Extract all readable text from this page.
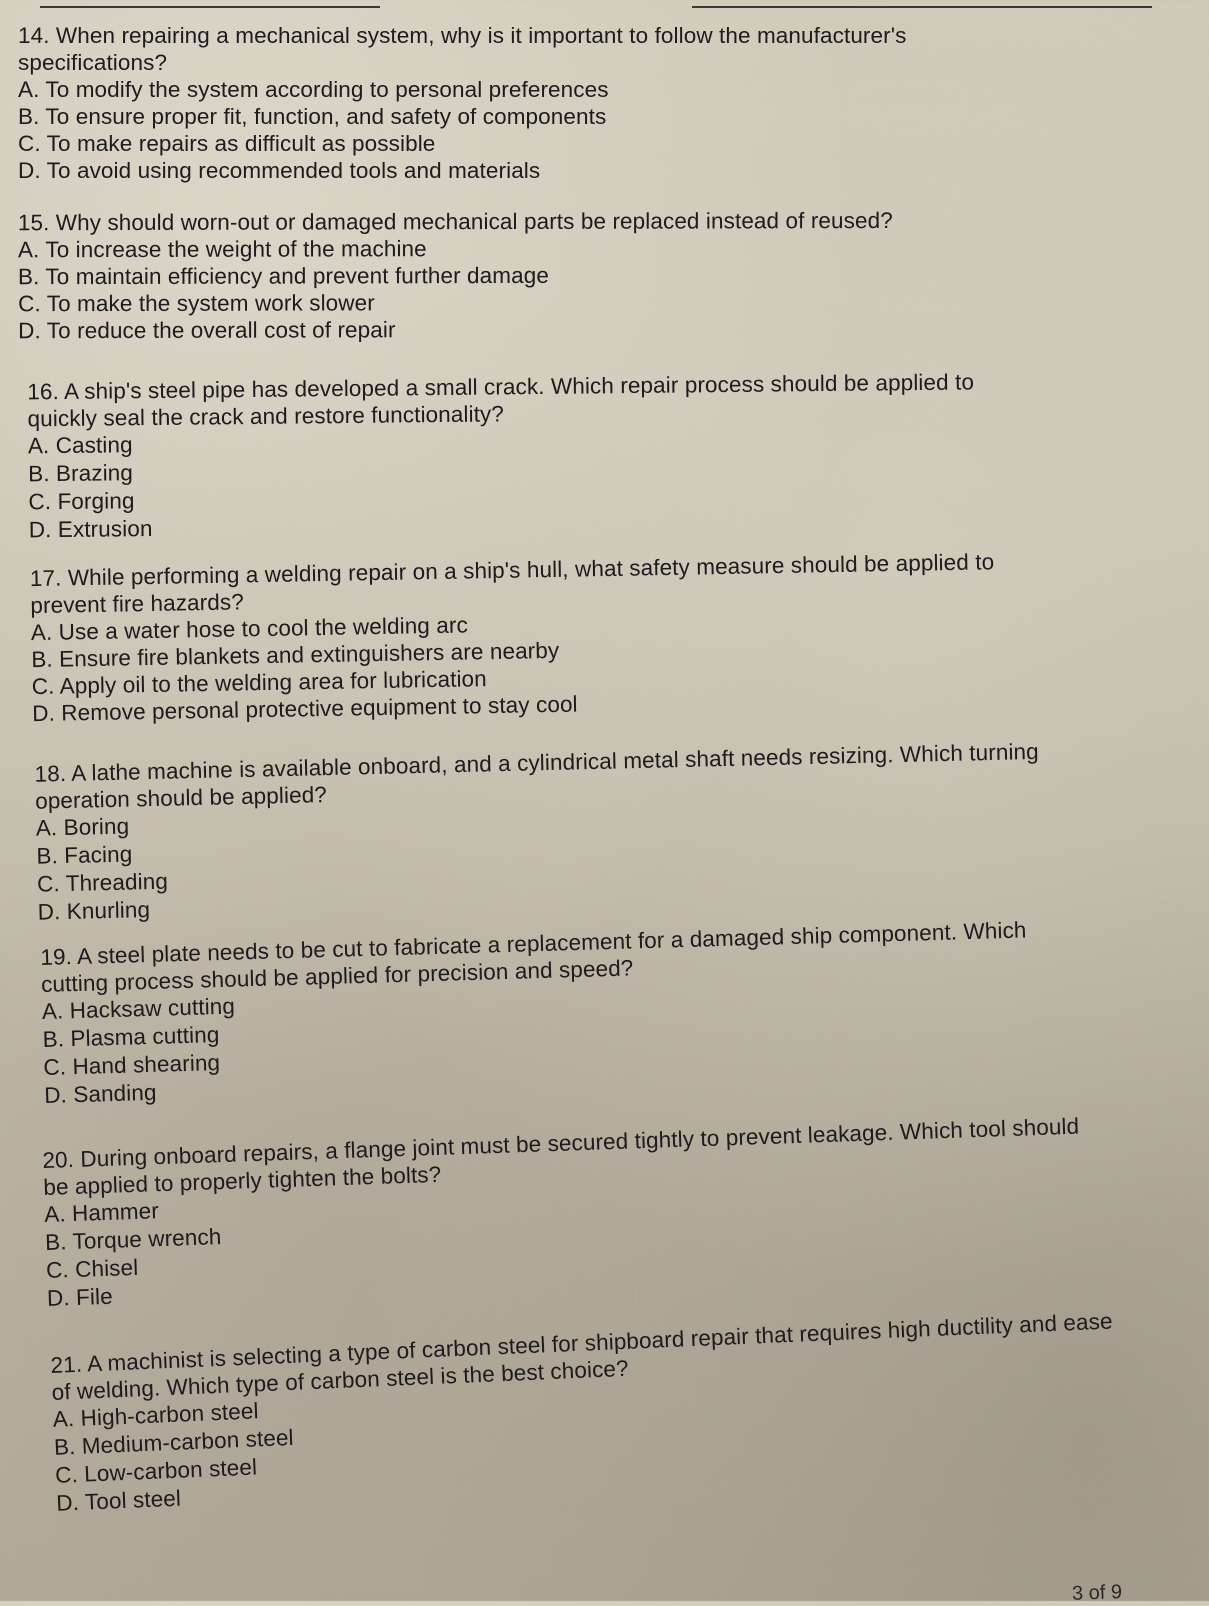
14. When repairing a mechanical system, why is it important to follow the manufacturer's specifications?

A. To modify the system according to personal preferences
B. To ensure proper fit, function, and safety of components
C. To make repairs as difficult as possible
D. To avoid using recommended tools and materials

15. Why should worn-out or damaged mechanical parts be replaced instead of reused?

A. To increase the weight of the machine
B. To maintain efficiency and prevent further damage
C. To make the system work slower
D. To reduce the overall cost of repair

16. A ship's steel pipe has developed a small crack. Which repair process should be applied to quickly seal the crack and restore functionality?

A. Casting
B. Brazing
C. Forging
D. Extrusion

17. While performing a welding repair on a ship's hull, what safety measure should be applied to prevent fire hazards?

A. Use a water hose to cool the welding arc
B. Ensure fire blankets and extinguishers are nearby
C. Apply oil to the welding area for lubrication
D. Remove personal protective equipment to stay cool

18. A lathe machine is available onboard, and a cylindrical metal shaft needs resizing. Which turning operation should be applied?

A. Boring
B. Facing
C. Threading
D. Knurling

19. A steel plate needs to be cut to fabricate a replacement for a damaged ship component. Which cutting process should be applied for precision and speed?

A. Hacksaw cutting
B. Plasma cutting
C. Hand shearing
D. Sanding

20. During onboard repairs, a flange joint must be secured tightly to prevent leakage. Which tool should be applied to properly tighten the bolts?

A. Hammer
B. Torque wrench
C. Chisel
D. File

21. A machinist is selecting a type of carbon steel for shipboard repair that requires high ductility and ease of welding. Which type of carbon steel is the best choice?

A. High-carbon steel
B. Medium-carbon steel
C. Low-carbon steel
D. Tool steel
3 of 9
